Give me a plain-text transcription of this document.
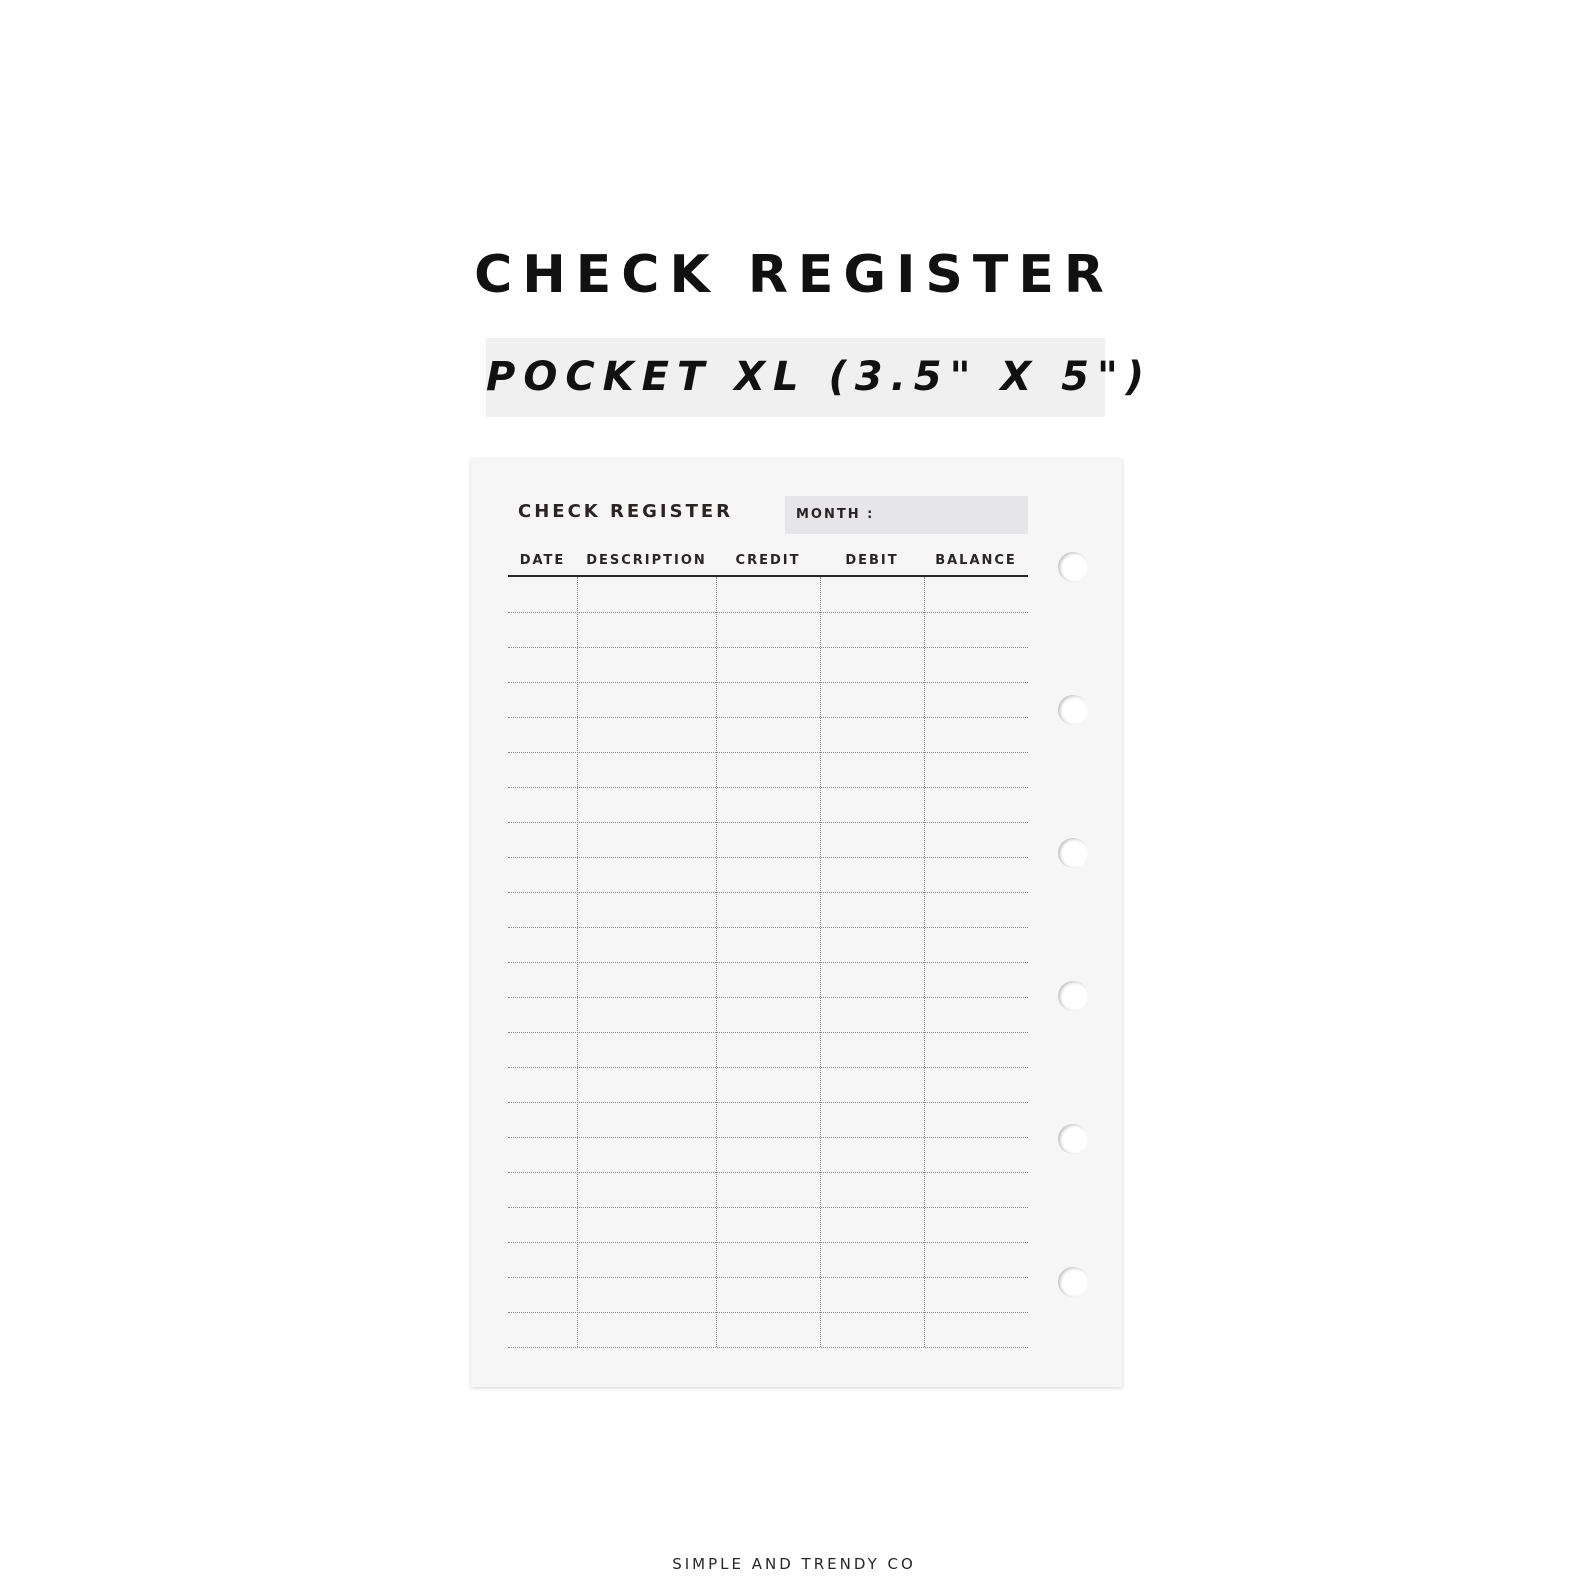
CHECK REGISTER
POCKET XL (3.5" X 5")
CHECK REGISTER	MONTH :
DATE	DESCRIPTION	CREDIT	DEBIT	BALANCE
SIMPLE AND TRENDY CO
